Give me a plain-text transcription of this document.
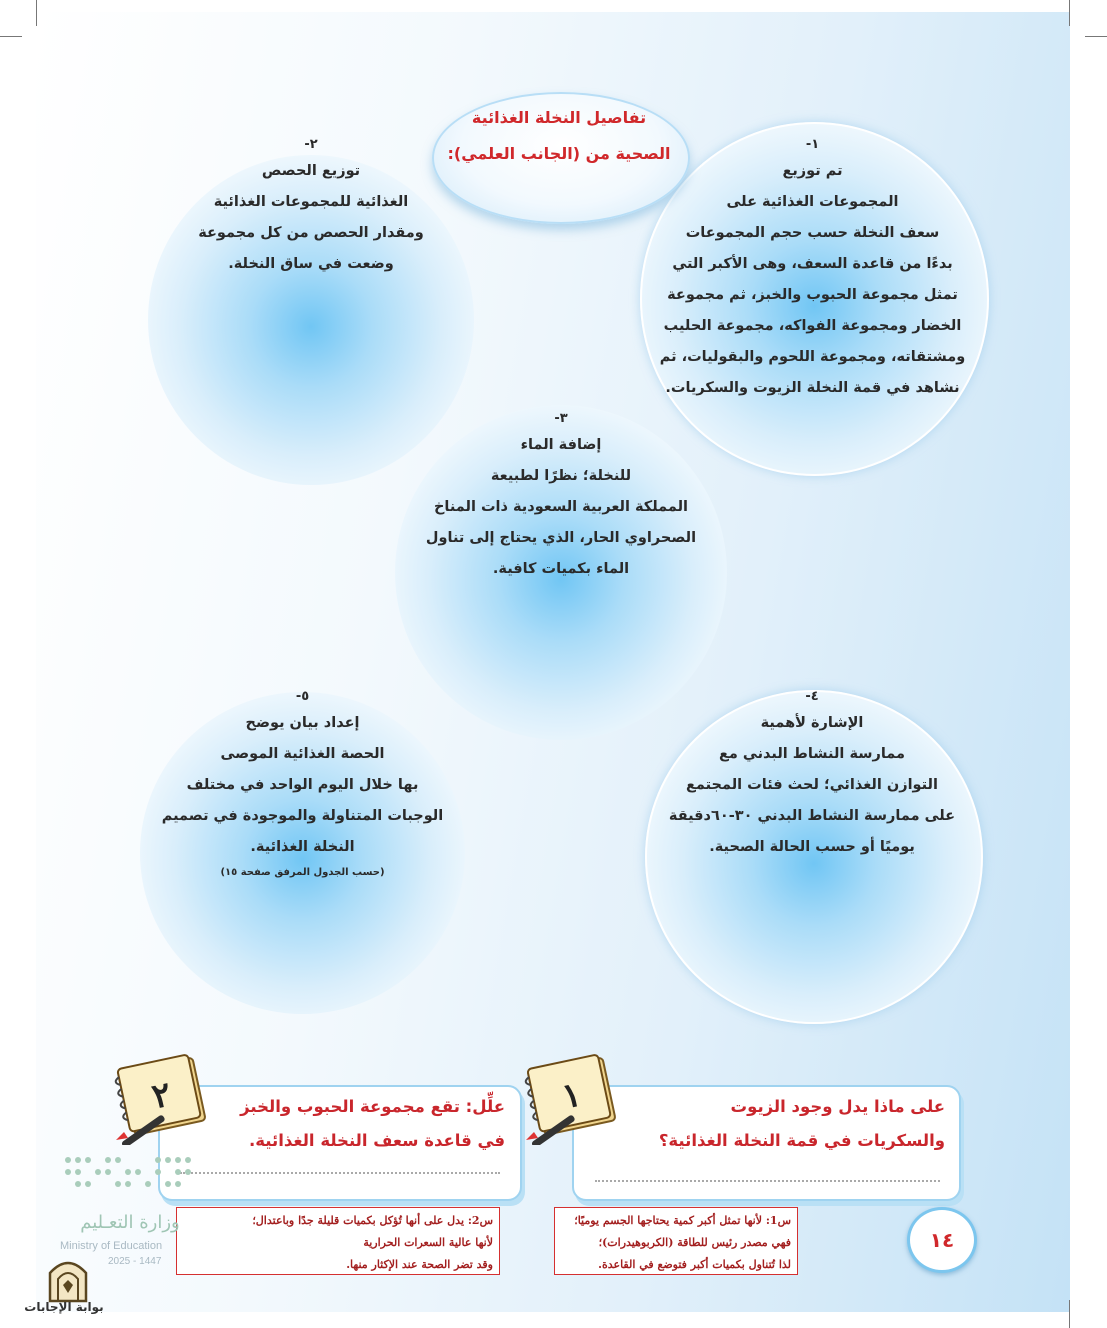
تفاصيل النخلة الغذائية
الصحية من (الجانب العلمي):	١-
تم توزيع
المجموعات الغذائية على
سعف النخلة حسب حجم المجموعات
بدءًا من قاعدة السعف، وهى الأكبر التي
تمثل مجموعة الحبوب والخبز، ثم مجموعة
الخضار ومجموعة الفواكه، مجموعة الحليب
ومشتقاته، ومجموعة اللحوم والبقوليات، ثم
نشاهد في قمة النخلة الزيوت والسكريات.
٢-
توزيع الحصص
الغذائية للمجموعات الغذائية
ومقدار الحصص من كل مجموعة
وضعت في ساق النخلة.
٣-
إضافة الماء
للنخلة؛ نظرًا لطبيعة
المملكة العربية السعودية ذات المناخ
الصحراوي الحار، الذي يحتاج إلى تناول
الماء بكميات كافية.
٤-
الإشارة لأهمية
ممارسة النشاط البدني مع
التوازن الغذائي؛ لحث فئات المجتمع
على ممارسة النشاط البدني ٣٠-٦٠دقيقة
يوميًا أو حسب الحالة الصحية.
٥-
إعداد بيان يوضح
الحصة الغذائية الموصى
بها خلال اليوم الواحد في مختلف
الوجبات المتناولة والموجودة في تصميم
النخلة الغذائية.
(حسب الجدول المرفق صفحة ١٥)
على ماذا يدل وجود الزيوت
والسكريات في قمة النخلة الغذائية؟
علِّل: تقع مجموعة الحبوب والخبز
في قاعدة سعف النخلة الغذائية.
١
٢
س1: لأنها تمثل أكبر كمية يحتاجها الجسم يوميًا؛
فهي مصدر رئيس للطاقة (الكربوهيدرات)؛
لذا تُتناول بكميات أكبر فتوضع في القاعدة.
س2: يدل على أنها تُؤكل بكميات قليلة جدًا وباعتدال؛
لأنها عالية السعرات الحرارية
وقد تضر الصحة عند الإكثار منها.
١٤
وزارة التعـليم
Ministry of Education
2025 - 1447
بوابة الإجابات
